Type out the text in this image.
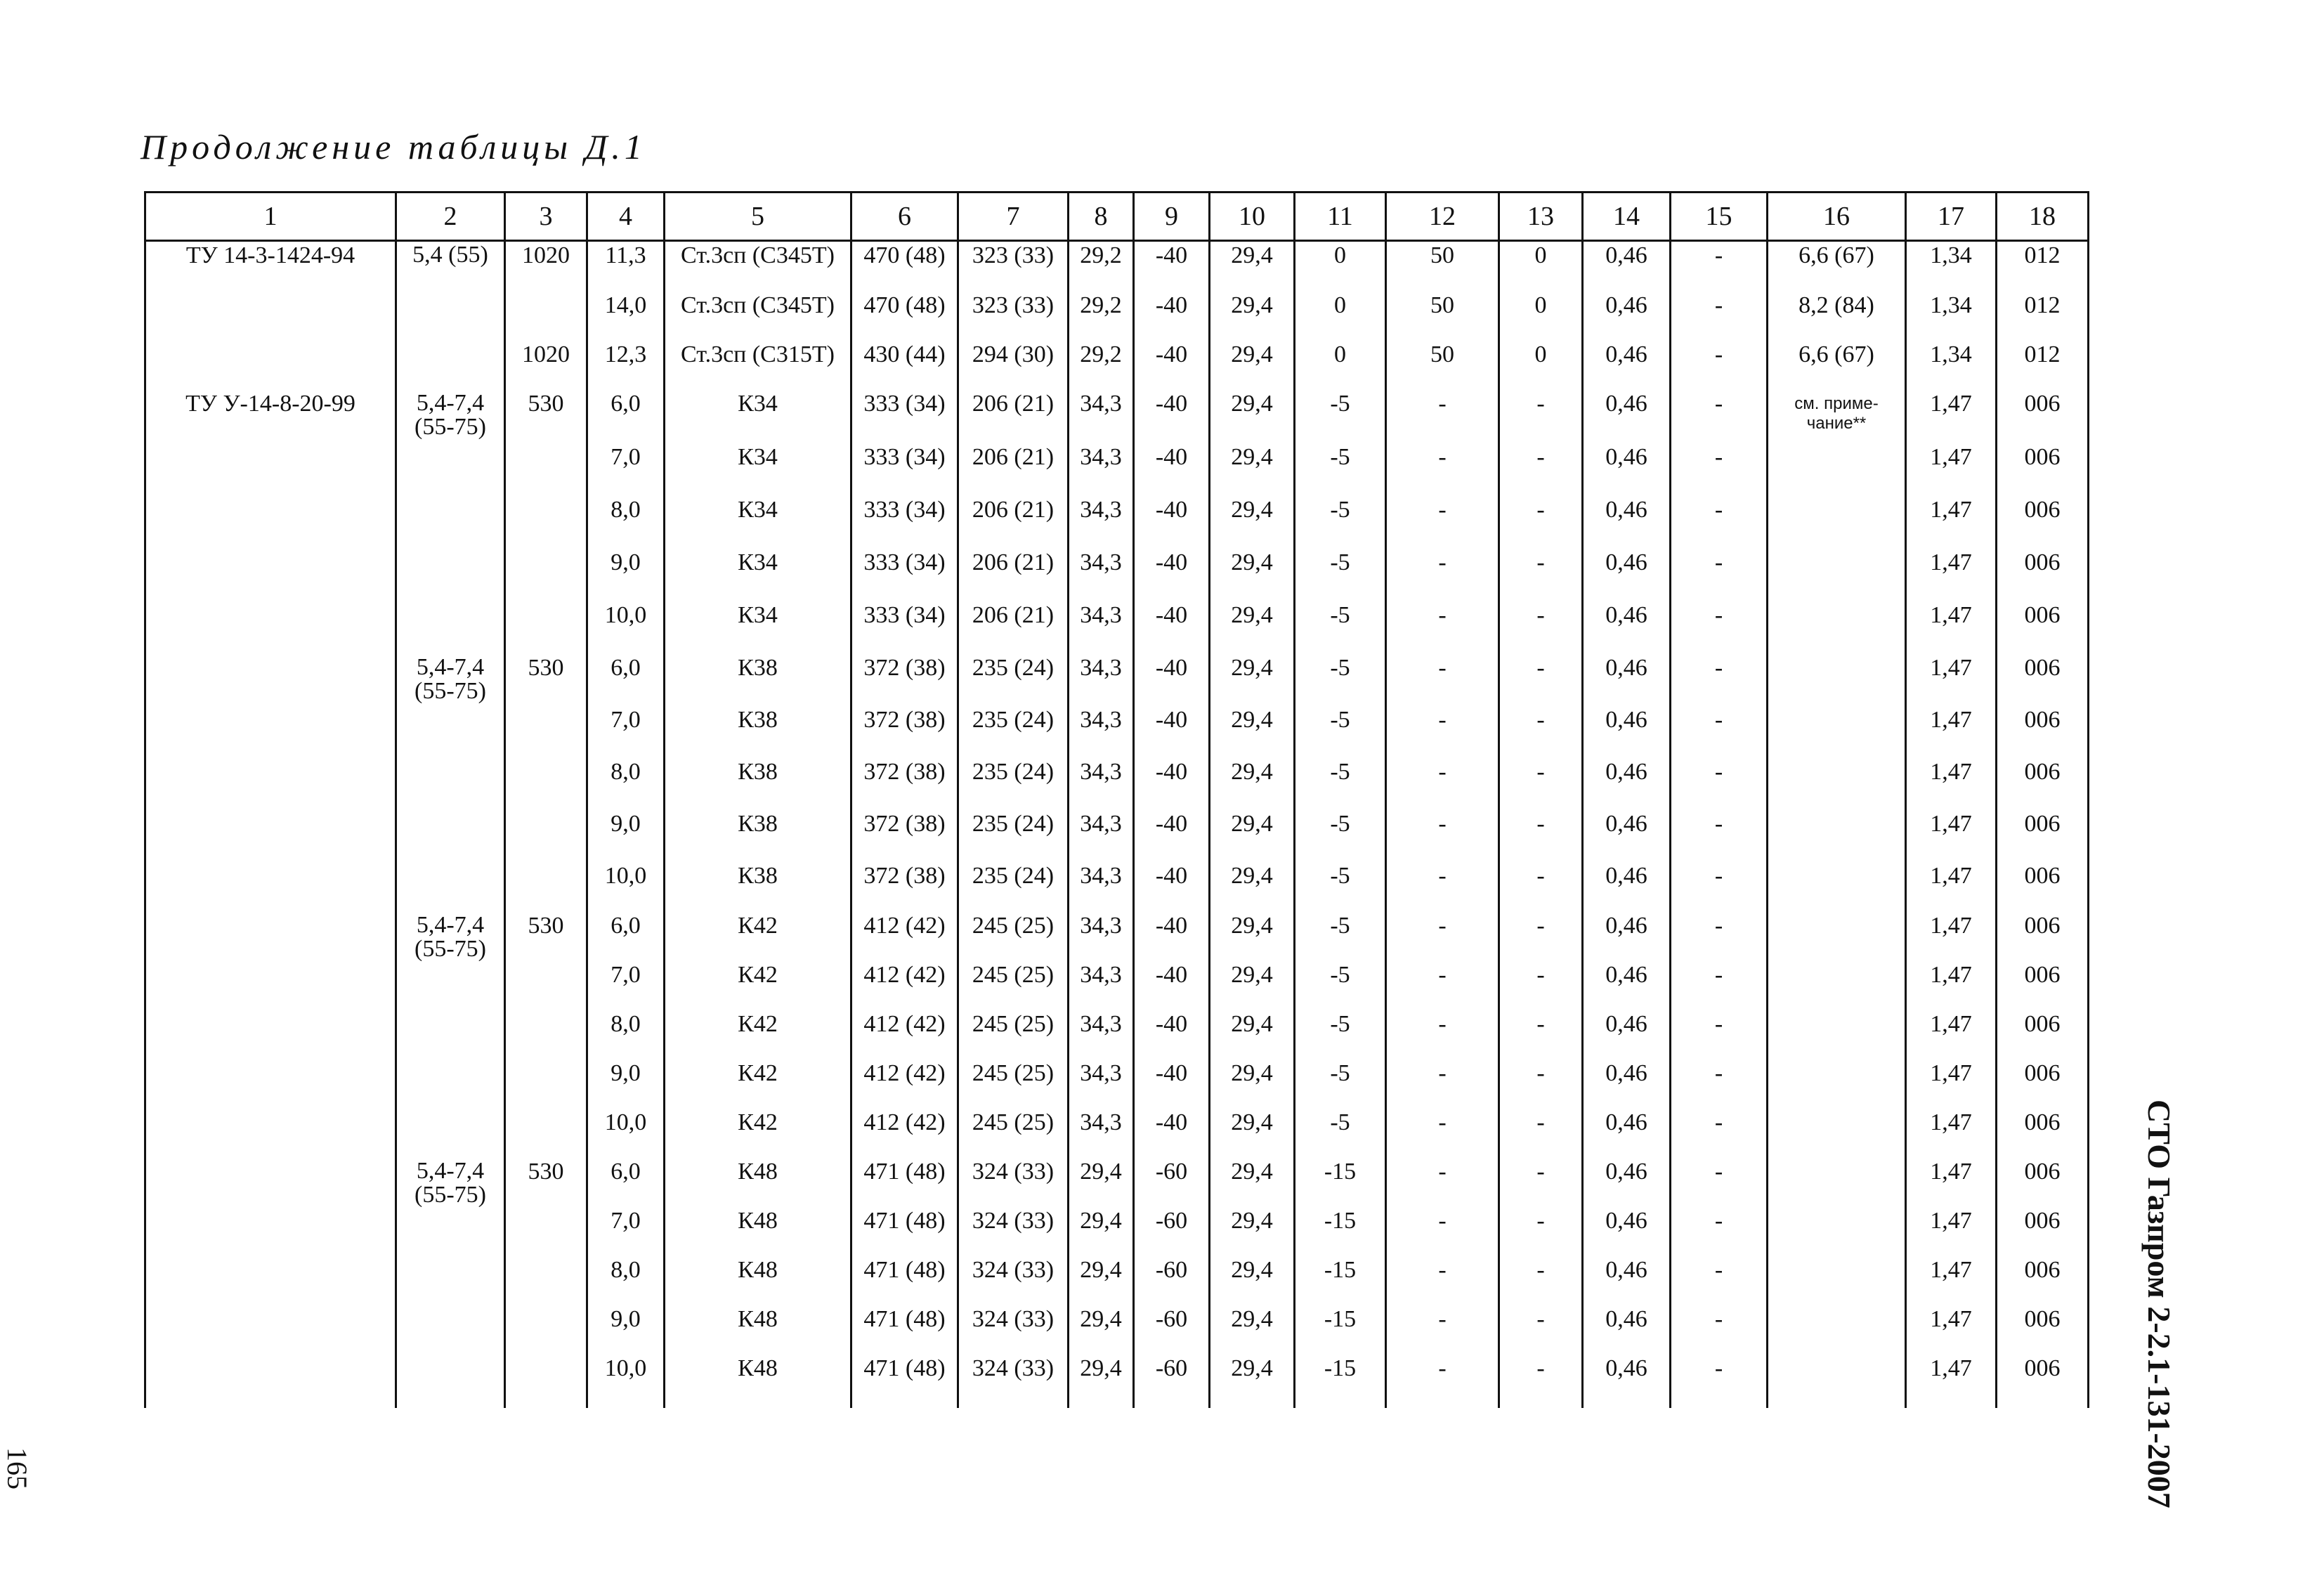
Продолжение таблицы Д.1
1	2	3	4	5	6	7	8	9	10	11	12	13	14	15	16	17	18
ТУ 14-3-1424-94	5,4 (55)	1020	11,3	Ст.3сп (С345Т)	470 (48)	323 (33)	29,2	-40	29,4	0	50	0	0,46	-	6,6 (67)	1,34	012
			14,0	Ст.3сп (С345Т)	470 (48)	323 (33)	29,2	-40	29,4	0	50	0	0,46	-	8,2 (84)	1,34	012
		1020	12,3	Ст.3сп (С315Т)	430 (44)	294 (30)	29,2	-40	29,4	0	50	0	0,46	-	6,6 (67)	1,34	012
ТУ У-14-8-20-99	5,4-7,4 (55-75)	530	6,0	К34	333 (34)	206 (21)	34,3	-40	29,4	-5	-	-	0,46	-	см. приме-чание**	1,47	006
			7,0	К34	333 (34)	206 (21)	34,3	-40	29,4	-5	-	-	0,46	-		1,47	006
			8,0	К34	333 (34)	206 (21)	34,3	-40	29,4	-5	-	-	0,46	-		1,47	006
			9,0	К34	333 (34)	206 (21)	34,3	-40	29,4	-5	-	-	0,46	-		1,47	006
			10,0	К34	333 (34)	206 (21)	34,3	-40	29,4	-5	-	-	0,46	-		1,47	006
	5,4-7,4 (55-75)	530	6,0	К38	372 (38)	235 (24)	34,3	-40	29,4	-5	-	-	0,46	-		1,47	006
			7,0	К38	372 (38)	235 (24)	34,3	-40	29,4	-5	-	-	0,46	-		1,47	006
			8,0	К38	372 (38)	235 (24)	34,3	-40	29,4	-5	-	-	0,46	-		1,47	006
			9,0	К38	372 (38)	235 (24)	34,3	-40	29,4	-5	-	-	0,46	-		1,47	006
			10,0	К38	372 (38)	235 (24)	34,3	-40	29,4	-5	-	-	0,46	-		1,47	006
	5,4-7,4 (55-75)	530	6,0	К42	412 (42)	245 (25)	34,3	-40	29,4	-5	-	-	0,46	-		1,47	006
			7,0	К42	412 (42)	245 (25)	34,3	-40	29,4	-5	-	-	0,46	-		1,47	006
			8,0	К42	412 (42)	245 (25)	34,3	-40	29,4	-5	-	-	0,46	-		1,47	006
			9,0	К42	412 (42)	245 (25)	34,3	-40	29,4	-5	-	-	0,46	-		1,47	006
			10,0	К42	412 (42)	245 (25)	34,3	-40	29,4	-5	-	-	0,46	-		1,47	006
	5,4-7,4 (55-75)	530	6,0	К48	471 (48)	324 (33)	29,4	-60	29,4	-15	-	-	0,46	-		1,47	006
			7,0	К48	471 (48)	324 (33)	29,4	-60	29,4	-15	-	-	0,46	-		1,47	006
			8,0	К48	471 (48)	324 (33)	29,4	-60	29,4	-15	-	-	0,46	-		1,47	006
			9,0	К48	471 (48)	324 (33)	29,4	-60	29,4	-15	-	-	0,46	-		1,47	006
			10,0	К48	471 (48)	324 (33)	29,4	-60	29,4	-15	-	-	0,46	-		1,47	006	СТО Газпром 2-2.1-131-2007
165
